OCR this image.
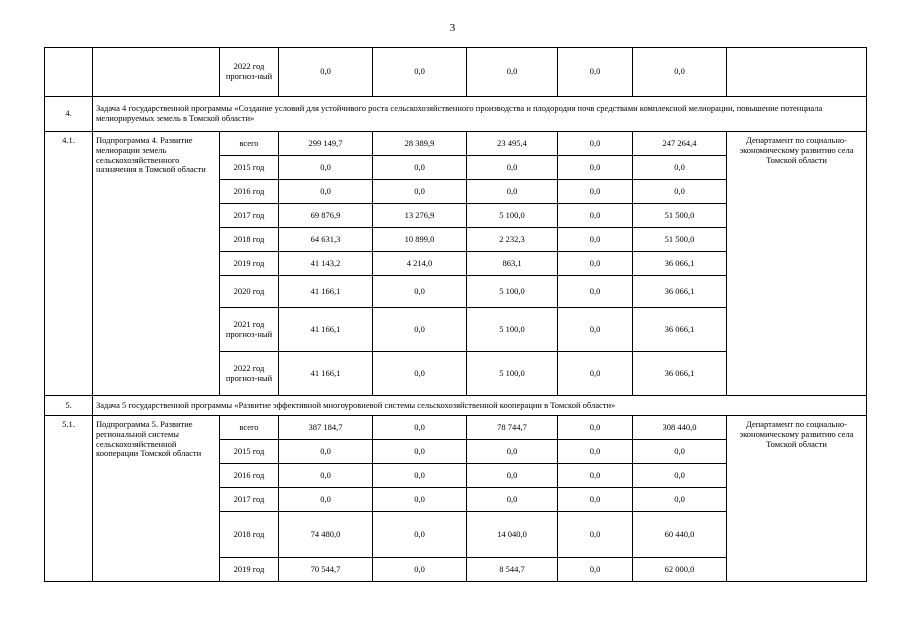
3
		2022 год прогноз-ный	0,0	0,0	0,0	0,0	0,0	
4.	Задача 4 государственной программы «Создание условий для устойчивого роста сельскохозяйственного производства и плодородия почв средствами комплексной мелиорации, повышение потенциала мелиорируемых земель в Томской области»							
4.1.	Подпрограмма 4. Развитие мелиорации земель сельскохозяйственного назначения в Томской области	всего	299 149,7	28 389,9	23 495,4	0,0	247 264,4	Департамент по социально-экономическому развитию села Томской области
		2015 год	0,0	0,0	0,0	0,0	0,0	
		2016 год	0,0	0,0	0,0	0,0	0,0	
		2017 год	69 876,9	13 276,9	5 100,0	0,0	51 500,0	
		2018 год	64 631,3	10 899,0	2 232,3	0,0	51 500,0	
		2019 год	41 143,2	4 214,0	863,1	0,0	36 066,1	
		2020 год	41 166,1	0,0	5 100,0	0,0	36 066,1	
		2021 год прогноз-ный	41 166,1	0,0	5 100,0	0,0	36 066,1	
		2022 год прогноз-ный	41 166,1	0,0	5 100,0	0,0	36 066,1	
5.	Задача 5 государственной программы «Развитие эффективной многоуровневой системы сельскохозяйственной кооперации в Томской области»							
5.1.	Подпрограмма 5. Развитие региональной системы сельскохозяйственной кооперации Томской области	всего	387 184,7	0,0	78 744,7	0,0	308 440,0	Департамент по социально-экономическому развитию села Томской области
		2015 год	0,0	0,0	0,0	0,0	0,0	
		2016 год	0,0	0,0	0,0	0,0	0,0	
		2017 год	0,0	0,0	0,0	0,0	0,0	
		2018 год	74 480,0	0,0	14 040,0	0,0	60 440,0	
		2019 год	70 544,7	0,0	8 544,7	0,0	62 000,0	
